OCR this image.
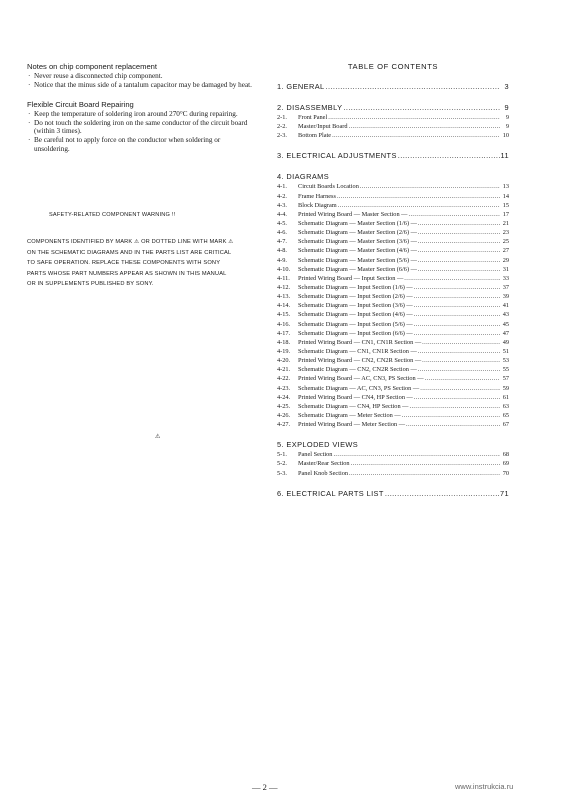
Notes on chip component replacement

· Never reuse a disconnected chip component.
· Notice that the minus side of a tantalum capacitor may be damaged by heat.

Flexible Circuit Board Repairing

· Keep the temperature of soldering iron around 270°C during repairing.
· Do not touch the soldering iron on the same conductor of the circuit board (within 3 times).
· Be careful not to apply force on the conductor when soldering or unsoldering.
SAFETY-RELATED COMPONENT WARNING !!
COMPONENTS IDENTIFIED BY MARK ⚠ OR DOTTED LINE WITH MARK ⚠ ON THE SCHEMATIC DIAGRAMS AND IN THE PARTS LIST ARE CRITICAL TO SAFE OPERATION. REPLACE THESE COMPONENTS WITH SONY PARTS WHOSE PART NUMBERS APPEAR AS SHOWN IN THIS MANUAL OR IN SUPPLEMENTS PUBLISHED BY SONY.
⚠

TABLE OF CONTENTS

1. GENERAL .....	3
2. DISASSEMBLY .....	9
2-1.	Front Panel .....	9
2-2.	Master/Input Board .....	9
2-3.	Bottom Plate .....	10
3. ELECTRICAL ADJUSTMENTS .....	11
4. DIAGRAMS
4-1.	Circuit Boards Location .....	13
4-2.	Frame Harness .....	14
4-3.	Block Diagram .....	15
4-4.	Printed Wiring Board — Master Section — .....	17
4-5.	Schematic Diagram — Master Section (1/6) — .....	21
4-6.	Schematic Diagram — Master Section (2/6) — .....	23
4-7.	Schematic Diagram — Master Section (3/6) — .....	25
4-8.	Schematic Diagram — Master Section (4/6) — .....	27
4-9.	Schematic Diagram — Master Section (5/6) — .....	29
4-10.	Schematic Diagram — Master Section (6/6) — .....	31
4-11.	Printed Wiring Board — Input Section — .....	33
4-12.	Schematic Diagram — Input Section (1/6) — .....	37
4-13.	Schematic Diagram — Input Section (2/6) — .....	39
4-14.	Schematic Diagram — Input Section (3/6) — .....	41
4-15.	Schematic Diagram — Input Section (4/6) — .....	43
4-16.	Schematic Diagram — Input Section (5/6) — .....	45
4-17.	Schematic Diagram — Input Section (6/6) — .....	47
4-18.	Printed Wiring Board — CN1, CN1R Section — .....	49
4-19.	Schematic Diagram — CN1, CN1R Section — .....	51
4-20.	Printed Wiring Board — CN2, CN2R Section — .....	53
4-21.	Schematic Diagram — CN2, CN2R Section — .....	55
4-22.	Printed Wiring Board — AC, CN3, PS Section — .....	57
4-23.	Schematic Diagram — AC, CN3, PS Section — .....	59
4-24.	Printed Wiring Board — CN4, HP Section — .....	61
4-25.	Schematic Diagram — CN4, HP Section — .....	63
4-26.	Schematic Diagram — Meter Section — .....	65
4-27.	Printed Wiring Board — Meter Section — .....	67
5. EXPLODED VIEWS
5-1.	Panel Section .....	68
5-2.	Master/Rear Section .....	69
5-3.	Panel Knob Section .....	70
6. ELECTRICAL PARTS LIST .....	71
— 2 —	www.instrukcia.ru
